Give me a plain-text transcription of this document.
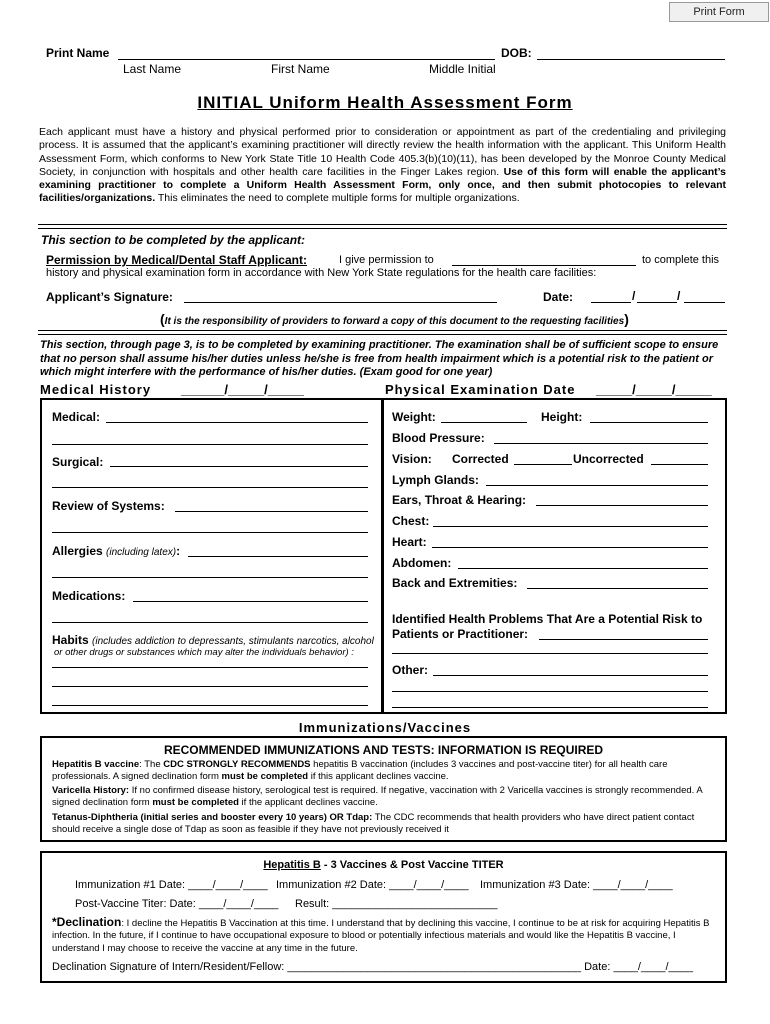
Print Form
Print Name	DOB:
Last Name	First Name	Middle Initial
INITIAL Uniform Health Assessment Form
Each applicant must have a history and physical performed prior to consideration or appointment as part of the credentialing and privileging process. It is assumed that the applicant’s examining practitioner will directly review the health information with the applicant. This Uniform Health Assessment Form, which conforms to New York State Title 10 Health Code 405.3(b)(10)(11), has been developed by the Monroe County Medical Society, in conjunction with hospitals and other health care facilities in the Finger Lakes region. Use of this form will enable the applicant’s examining practitioner to complete a Uniform Health Assessment Form, only once, and then submit photocopies to relevant facilities/organizations. This eliminates the need to complete multiple forms for multiple organizations.
This section to be completed by the applicant:
Permission by Medical/Dental Staff Applicant:	I give permission to	to complete this
history and physical examination form in accordance with New York State regulations for the health care facilities:
Applicant’s Signature:	Date:	/	/
(It is the responsibility of providers to forward a copy of this document to the requesting facilities)
This section, through page 3, is to be completed by examining practitioner. The examination shall be of sufficient scope to ensure that no person shall assume his/her duties unless he/she is free from health impairment which is a potential risk to the patient or which might interfere with the performance of his/her duties. (Exam good for one year)
Medical History ______/_____/_____	Physical Examination Date _____/_____/_____
Medical:
Surgical:
Review of Systems:
Allergies (including latex):
Medications:
Habits (includes addiction to depressants, stimulants narcotics, alcohol
or other drugs or substances which may alter the individuals behavior) :
Weight:	Height:
Blood Pressure:
Vision: Corrected	Uncorrected
Lymph Glands:
Ears, Throat & Hearing:
Chest:
Heart:
Abdomen:
Back and Extremities:
Identified Health Problems That Are a Potential Risk to
Patients or Practitioner:
Other:
Immunizations/Vaccines
RECOMMENDED IMMUNIZATIONS AND TESTS: INFORMATION IS REQUIRED
Hepatitis B vaccine: The CDC STRONGLY RECOMMENDS hepatitis B vaccination (includes 3 vaccines and post-vaccine titer) for all health care professionals. A signed declination form must be completed if this applicant declines vaccine.
Varicella History: If no confirmed disease history, serological test is required. If negative, vaccination with 2 Varicella vaccines is strongly recommended. A signed declination form must be completed if the applicant declines vaccine.
Tetanus-Diphtheria (initial series and booster every 10 years) OR Tdap: The CDC recommends that health providers who have direct patient contact should receive a single dose of Tdap as soon as feasible if they have not previously received it
Hepatitis B - 3 Vaccines & Post Vaccine TITER
Immunization #1 Date: ____/____/____ Immunization #2 Date: ____/____/____ Immunization #3 Date: ____/____/____
Post-Vaccine Titer: Date: ____/____/____ Result: ___________________________
*Declination: I decline the Hepatitis B Vaccination at this time. I understand that by declining this vaccine, I continue to be at risk for acquiring Hepatitis B infection. In the future, if I continue to have occupational exposure to blood or potentially infectious materials and would like the Hepatitis B vaccine, I understand I may choose to receive the vaccine at any time in the future.
Declination Signature of Intern/Resident/Fellow: ________________________________________________ Date: ____/____/____
